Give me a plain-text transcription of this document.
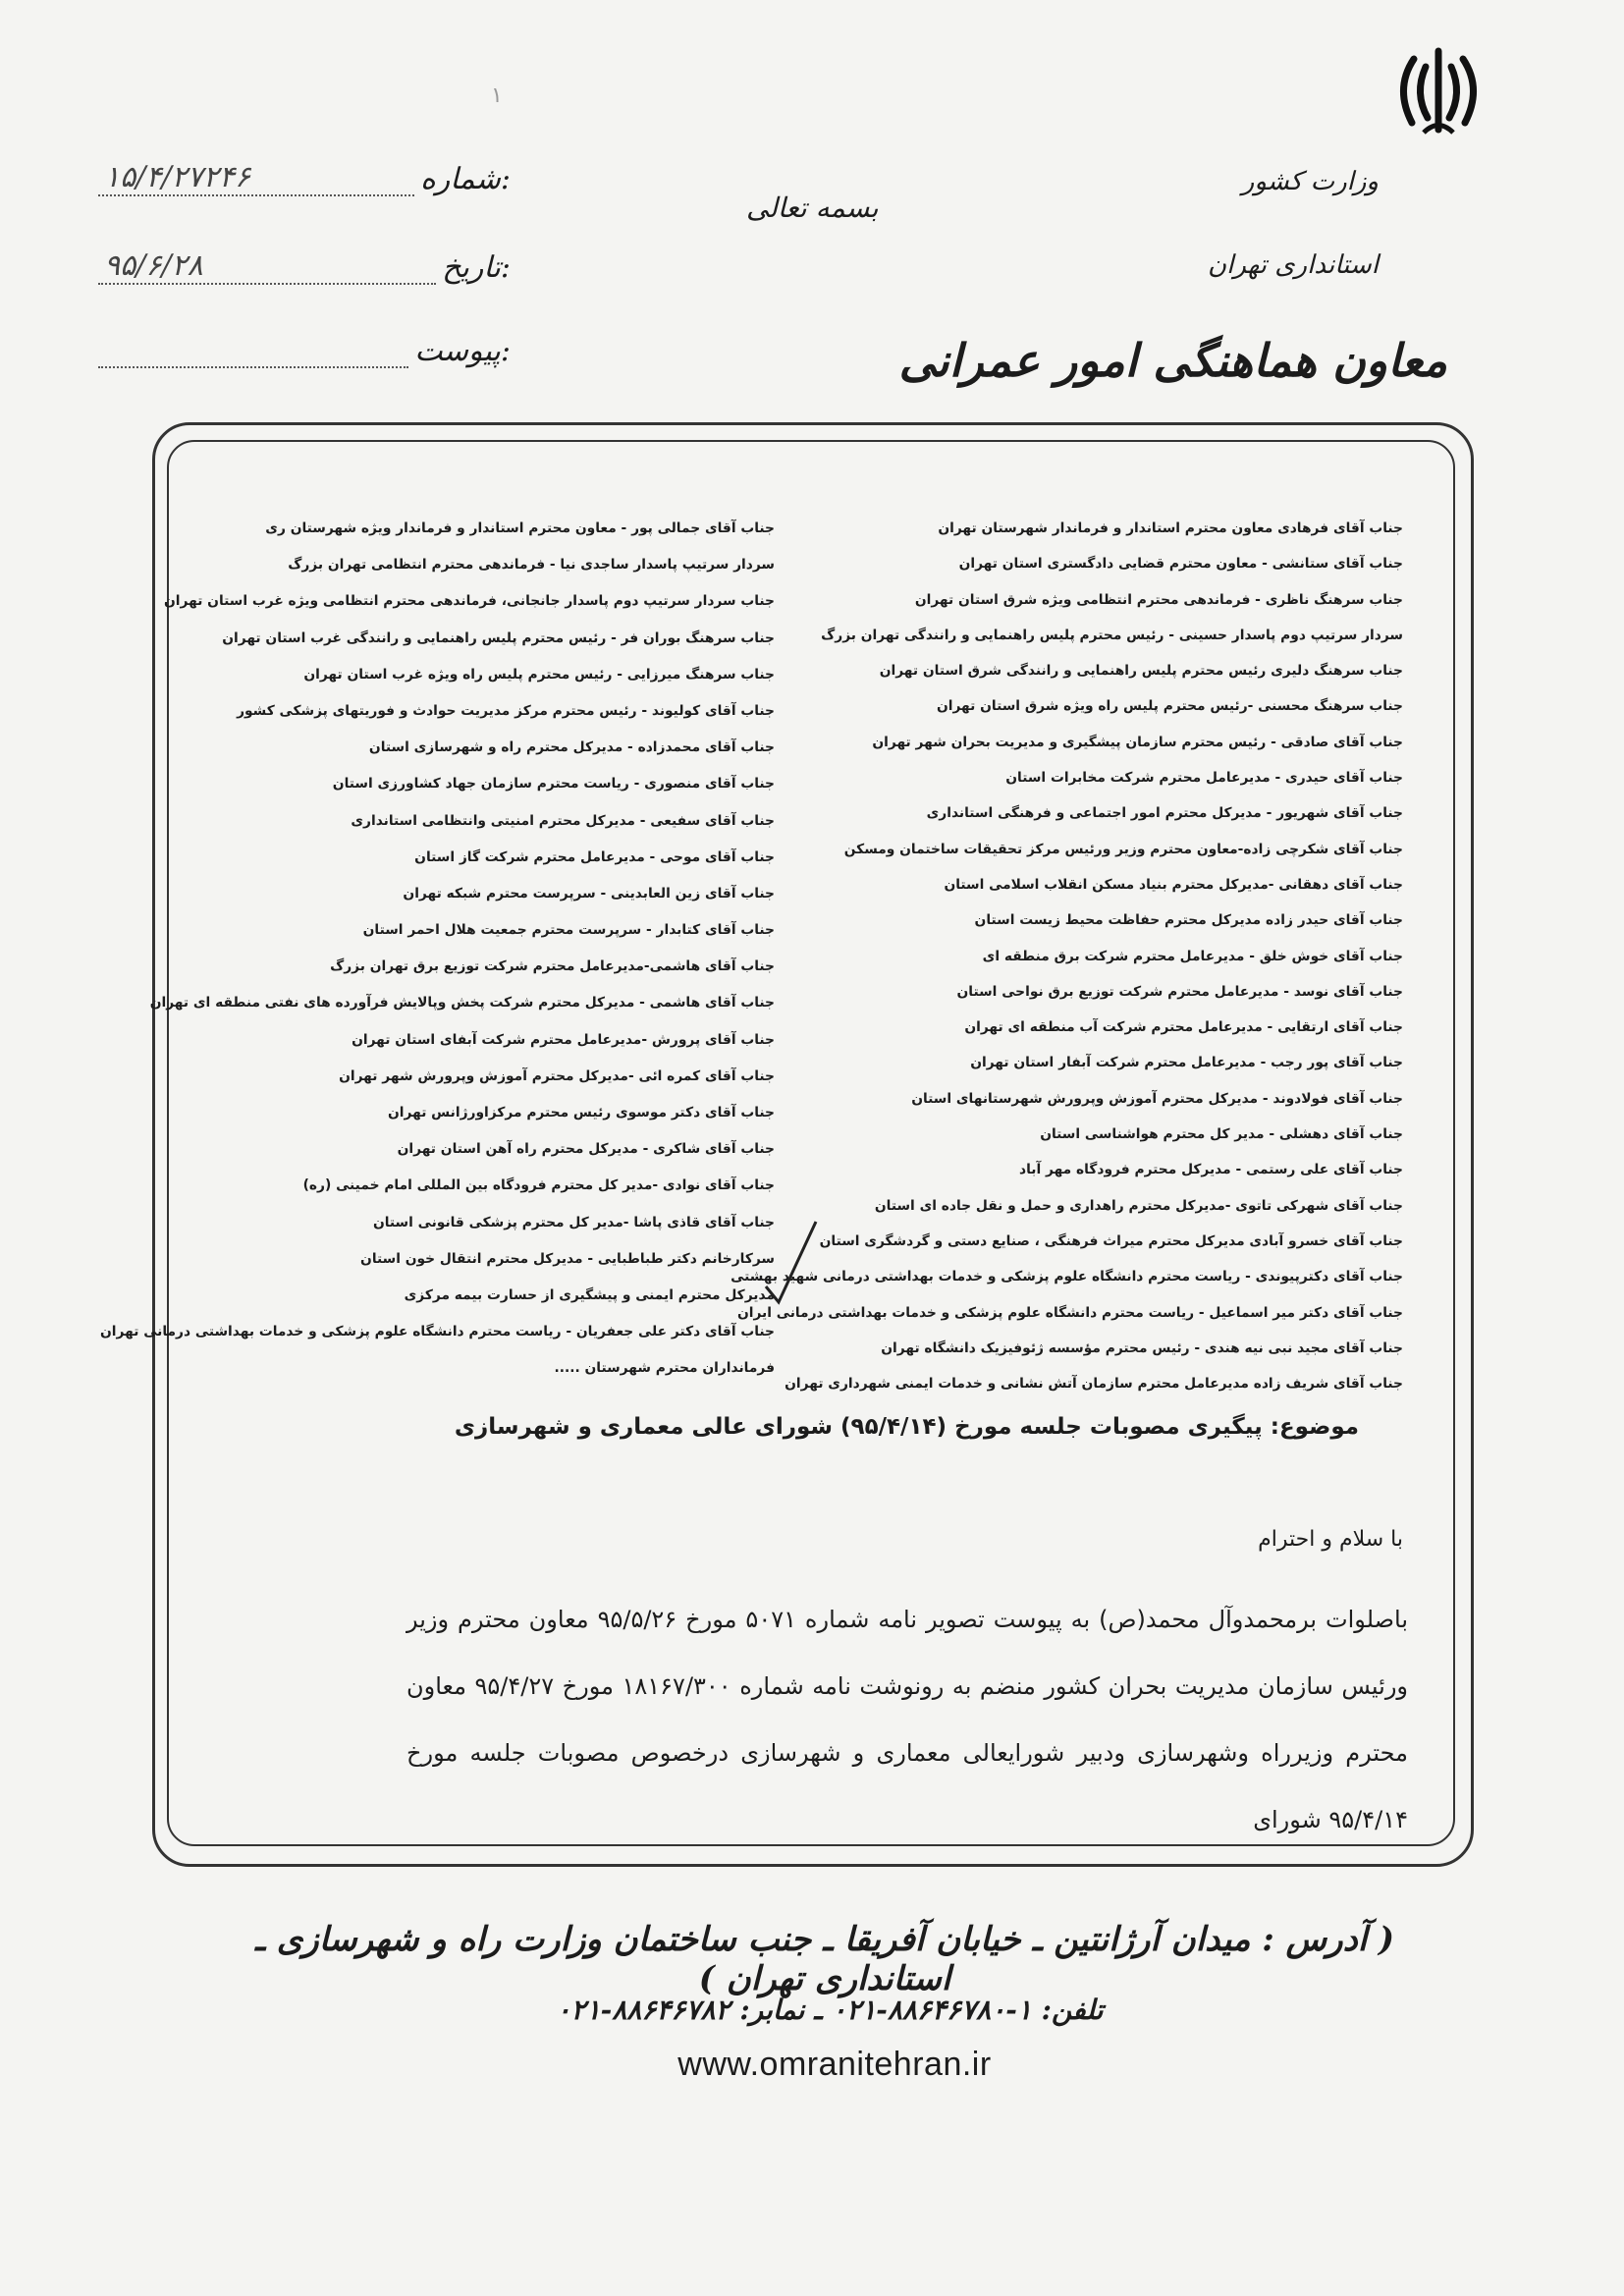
وزارت کشور
استانداری تهران
معاون هماهنگی امور عمرانی
بسمه تعالی
۱
شماره:
۱۵/۴/۲۷۲۴۶
تاریخ:
۹۵/۶/۲۸
پیوست:
جناب آقای فرهادی معاون محترم استاندار و فرماندار شهرستان تهران
جناب آقای ستانشی - معاون محترم قضایی دادگستری استان تهران
جناب سرهنگ ناظری - فرماندهی محترم انتظامی ویژه شرق استان تهران
سردار سرتیپ دوم پاسدار حسینی - رئیس محترم پلیس راهنمایی و رانندگی تهران بزرگ
جناب سرهنگ دلیری رئیس محترم پلیس راهنمایی و رانندگی شرق استان تهران
جناب سرهنگ محسنی -رئیس محترم پلیس راه ویژه شرق استان تهران
جناب آقای صادقی - رئیس محترم سازمان پیشگیری و مدیریت بحران شهر تهران
جناب آقای حیدری - مدیرعامل محترم شرکت مخابرات استان
جناب آقای شهریور - مدیرکل محترم امور اجتماعی و فرهنگی استانداری
جناب آقای شکرچی زاده-معاون محترم وزیر ورئیس مرکز تحقیقات ساختمان ومسکن
جناب آقای دهقانی -مدیرکل محترم بنیاد مسکن انقلاب اسلامی استان
جناب آقای حیدر زاده مدیرکل محترم حفاظت محیط زیست استان
جناب آقای خوش خلق - مدیرعامل محترم شرکت برق منطقه ای
جناب آقای نوسد - مدیرعامل محترم شرکت توزیع برق نواحی استان
جناب آقای ارتقایی - مدیرعامل محترم شرکت آب منطقه ای تهران
جناب آقای پور رجب - مدیرعامل محترم شرکت آبفار استان تهران
جناب آقای فولادوند - مدیرکل محترم آموزش وپرورش شهرستانهای استان
جناب آقای دهشلی - مدیر کل محترم هواشناسی استان
جناب آقای علی رستمی - مدیرکل محترم فرودگاه مهر آباد
جناب آقای شهرکی تاتوی -مدیرکل محترم راهداری و حمل و نقل جاده ای استان
جناب آقای خسرو آبادی مدیرکل محترم میراث فرهنگی ، صنایع دستی و گردشگری استان
جناب آقای دکترپیوندی - ریاست محترم دانشگاه علوم پزشکی و خدمات بهداشتی درمانی شهید بهشتی
جناب آقای دکتر میر اسماعیل - ریاست محترم دانشگاه علوم پزشکی و خدمات بهداشتی درمانی ایران
جناب آقای مجید نبی نیه هندی - رئیس محترم مؤسسه ژئوفیزیک دانشگاه تهران
جناب آقای شریف زاده مدیرعامل محترم سازمان آتش نشانی و خدمات ایمنی شهرداری تهران
جناب آقای جمالی پور - معاون محترم استاندار و فرماندار ویژه شهرستان ری
سردار سرتیپ پاسدار ساجدی نیا - فرماندهی محترم انتظامی تهران بزرگ
جناب سردار سرتیپ دوم پاسدار جانجانی، فرماندهی محترم انتظامی ویژه غرب استان تهران
جناب سرهنگ بوران فر - رئیس محترم پلیس راهنمایی و رانندگی غرب استان تهران
جناب سرهنگ میرزایی - رئیس محترم پلیس راه ویژه غرب استان تهران
جناب آقای کولیوند - رئیس محترم مرکز مدیریت حوادث و فوریتهای پزشکی کشور
جناب آقای محمدزاده - مدیرکل محترم راه و شهرسازی استان
جناب آقای منصوری - ریاست محترم سازمان جهاد کشاورزی استان
جناب آقای سفیعی - مدیرکل محترم امنیتی وانتظامی استانداری
جناب آقای موحی - مدیرعامل محترم شرکت گاز استان
جناب آقای زین العابدینی - سرپرست محترم شبکه تهران
جناب آقای کتابدار - سرپرست محترم جمعیت هلال احمر استان
جناب آقای هاشمی-مدیرعامل محترم شرکت توزیع برق تهران بزرگ
جناب آقای هاشمی - مدیرکل محترم شرکت پخش وپالایش فرآورده های نفتی منطقه ای تهران
جناب آقای پرورش -مدیرعامل محترم شرکت آبفای استان تهران
جناب آقای کمره ائی -مدیرکل محترم آموزش وپرورش شهر تهران
جناب آقای دکتر موسوی رئیس محترم مرکزاورژانس تهران
جناب آقای شاکری - مدیرکل محترم راه آهن استان تهران
جناب آقای نوادی -مدیر کل محترم فرودگاه بین المللی امام خمینی (ره)
جناب آقای قاذی پاشا -مدیر کل محترم پزشکی قانونی استان
سرکارخانم دکتر طباطبایی - مدیرکل محترم انتقال خون استان
مدیرکل محترم ایمنی و پیشگیری از حسارت بیمه مرکزی
جناب آقای دکتر علی جعفریان - ریاست محترم دانشگاه علوم پزشکی و خدمات بهداشتی درمانی تهران
فرمانداران محترم شهرستان .....
موضوع: پیگیری مصوبات جلسه مورخ (۹۵/۴/۱۴) شورای عالی معماری و شهرسازی
با سلام و احترام
باصلوات برمحمدوآل محمد(ص) به پیوست تصویر نامه شماره ۵۰۷۱ مورخ ۹۵/۵/۲۶ معاون محترم وزیر ورئیس سازمان مدیریت بحران کشور منضم به رونوشت نامه شماره ۱۸۱۶۷/۳۰۰ مورخ ۹۵/۴/۲۷ معاون محترم وزیرراه وشهرسازی ودبیر شورایعالی معماری و شهرسازی درخصوص مصوبات جلسه مورخ ۹۵/۴/۱۴ شورای
( آدرس : میدان آرژانتین ـ خیابان آفریقا ـ جنب ساختمان وزارت راه و شهرسازی ـ استانداری تهران )
تلفن: ۱-۸۸۶۴۶۷۸۰-۰۲۱ ـ نمابر: ۸۸۶۴۶۷۸۲-۰۲۱
www.omranitehran.ir
